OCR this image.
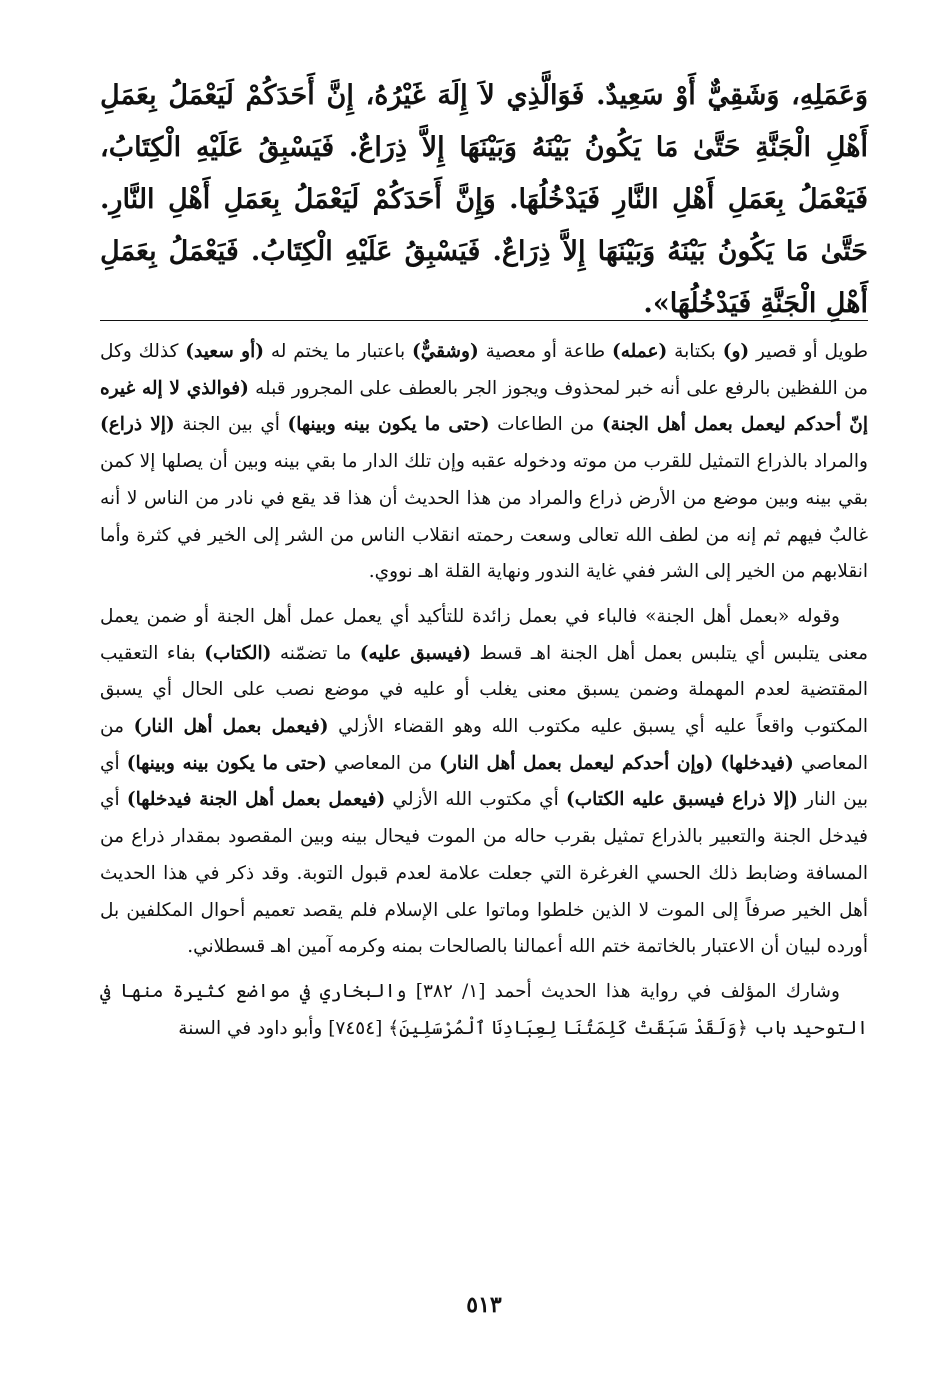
وَعَمَلِهِ، وَشَقِيٌّ أَوْ سَعِيدٌ. فَوَالَّذِي لاَ إِلَهَ غَيْرُهُ، إِنَّ أَحَدَكُمْ لَيَعْمَلُ بِعَمَلِ أَهْلِ الْجَنَّةِ حَتَّىٰ مَا يَكُونُ بَيْنَهُ وَبَيْنَهَا إِلاَّ ذِرَاعٌ. فَيَسْبِقُ عَلَيْهِ الْكِتَابُ، فَيَعْمَلُ بِعَمَلِ أَهْلِ النَّارِ فَيَدْخُلُهَا. وَإِنَّ أَحَدَكُمْ لَيَعْمَلُ بِعَمَلِ أَهْلِ النَّارِ. حَتَّىٰ مَا يَكُونُ بَيْنَهُ وَبَيْنَهَا إِلاَّ ذِرَاعٌ. فَيَسْبِقُ عَلَيْهِ الْكِتَابُ. فَيَعْمَلُ بِعَمَلِ أَهْلِ الْجَنَّةِ فَيَدْخُلُهَا».

طويل أو قصير (و) بكتابة (عمله) طاعة أو معصية (وشقيٌّ) باعتبار ما يختم له (أو سعيد) كذلك وكل من اللفظين بالرفع على أنه خبر لمحذوف ويجوز الجر بالعطف على المجرور قبله (فوالذي لا إله غيره إنّ أحدكم ليعمل بعمل أهل الجنة) من الطاعات (حتى ما يكون بينه وبينها) أي بين الجنة (إلا ذراع) والمراد بالذراع التمثيل للقرب من موته ودخوله عقبه وإن تلك الدار ما بقي بينه وبين أن يصلها إلا كمن بقي بينه وبين موضع من الأرض ذراع والمراد من هذا الحديث أن هذا قد يقع في نادر من الناس لا أنه غالبٌ فيهم ثم إنه من لطف الله تعالى وسعت رحمته انقلاب الناس من الشر إلى الخير في كثرة وأما انقلابهم من الخير إلى الشر ففي غاية الندور ونهاية القلة اهـ نووي.

وقوله «بعمل أهل الجنة» فالباء في بعمل زائدة للتأكيد أي يعمل عمل أهل الجنة أو ضمن يعمل معنى يتلبس أي يتلبس بعمل أهل الجنة اهـ قسط (فيسبق عليه) ما تضمّنه (الكتاب) بفاء التعقيب المقتضية لعدم المهملة وضمن يسبق معنى يغلب أو عليه في موضع نصب على الحال أي يسبق المكتوب واقعاً عليه أي يسبق عليه مكتوب الله وهو القضاء الأزلي (فيعمل بعمل أهل النار) من المعاصي (فيدخلها) (وإن أحدكم ليعمل بعمل أهل النار) من المعاصي (حتى ما يكون بينه وبينها) أي بين النار (إلا ذراع فيسبق عليه الكتاب) أي مكتوب الله الأزلي (فيعمل بعمل أهل الجنة فيدخلها) أي فيدخل الجنة والتعبير بالذراع تمثيل بقرب حاله من الموت فيحال بينه وبين المقصود بمقدار ذراع من المسافة وضابط ذلك الحسي الغرغرة التي جعلت علامة لعدم قبول التوبة. وقد ذكر في هذا الحديث أهل الخير صرفاً إلى الموت لا الذين خلطوا وماتوا على الإسلام فلم يقصد تعميم أحوال المكلفين بل أورده لبيان أن الاعتبار بالخاتمة ختم الله أعمالنا بالصالحات بمنه وكرمه آمين اهـ قسطلاني.

وشارك المؤلف في رواية هذا الحديث أحمد [١/ ٣٨٢] والبخاري في مواضع كثيرة منها في التوحيد باب ﴿وَلَقَدْ سَبَقَتْ كَلِمَتُنَا لِعِبَادِنَا ٱلْمُرْسَلِينَ﴾ [٧٤٥٤] وأبو داود في السنة

٥١٣
